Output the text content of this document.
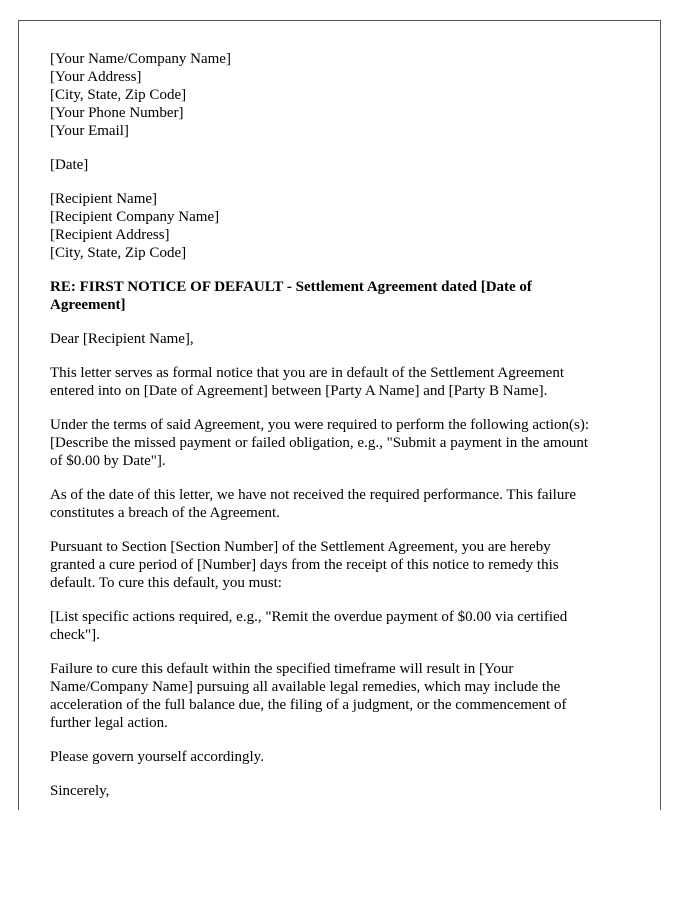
[Your Name/Company Name]
[Your Address]
[City, State, Zip Code]
[Your Phone Number]
[Your Email]
[Date]
[Recipient Name]
[Recipient Company Name]
[Recipient Address]
[City, State, Zip Code]
RE: FIRST NOTICE OF DEFAULT - Settlement Agreement dated [Date of
Agreement]
Dear [Recipient Name],
This letter serves as formal notice that you are in default of the Settlement Agreement
entered into on [Date of Agreement] between [Party A Name] and [Party B Name].
Under the terms of said Agreement, you were required to perform the following action(s):
[Describe the missed payment or failed obligation, e.g., "Submit a payment in the amount
of $0.00 by Date"].
As of the date of this letter, we have not received the required performance. This failure
constitutes a breach of the Agreement.
Pursuant to Section [Section Number] of the Settlement Agreement, you are hereby
granted a cure period of [Number] days from the receipt of this notice to remedy this
default. To cure this default, you must:
[List specific actions required, e.g., "Remit the overdue payment of $0.00 via certified
check"].
Failure to cure this default within the specified timeframe will result in [Your
Name/Company Name] pursuing all available legal remedies, which may include the
acceleration of the full balance due, the filing of a judgment, or the commencement of
further legal action.
Please govern yourself accordingly.
Sincerely,
